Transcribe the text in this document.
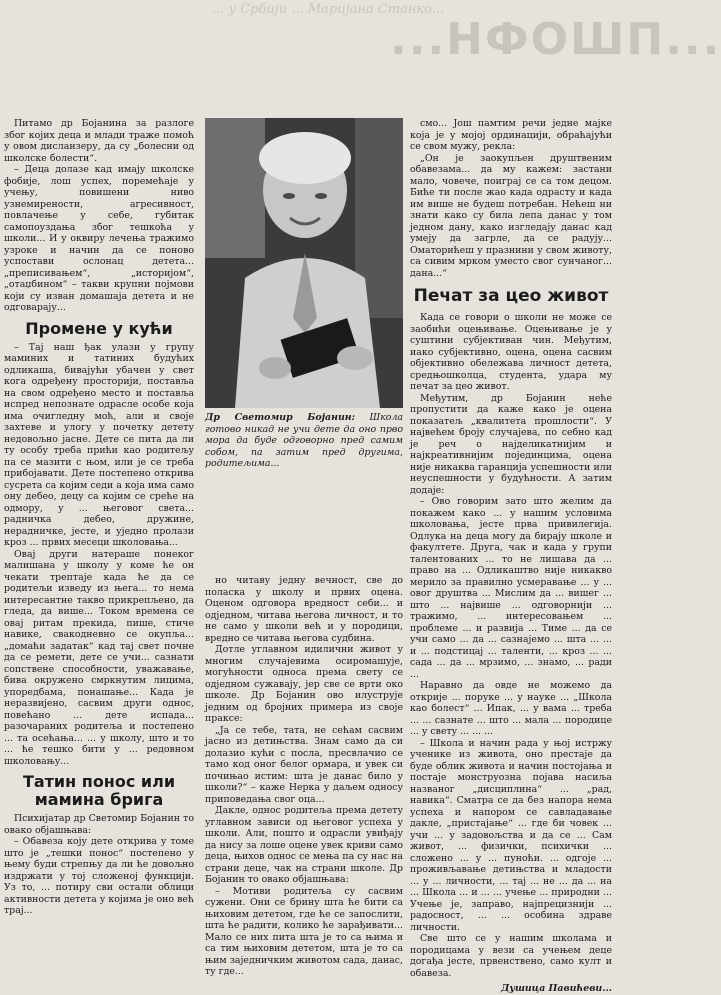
... у Србији ... Маријана Станко...
...НФОШП...

Питамо др Бојанина за разлоге због којих деца и млади траже помоћ у овом дисланзеру, да су „болесни од школске болести“.

– Деца долазе кад имају школске фобије, лош успех, поремећаје у учењу, повишени ниво узнемирености, агресивност, повлачење у себе, губитак самопоуздања због тешкоћа у школи... И у оквиру лечења тражимо узроке и начин да се поново успостави ослонац детета... „преписивањем“, „историјом“, „отаџбином“ – такви крупни појмови који су изван домашаја детета и не одговарају...

Промене у кући

– Тај наш ђак улази у групу маминих и татиних будућих одликаша, бивајући убачен у свет кога одређену просторији, поставља на свом одређено место и поставља испред непознате одрасле особе која има очигледну моћ, али и своје захтеве и улогу у почетку детету недовољно јасне. Дете се пита да ли ту особу треба прићи као родитељу па се мазити с њом, или је се треба прибојавати. Дете постепено открива сусрета са којим седи а која има само ону дебео, децу са којим се среће на одмору, у ... његовог света... радничка дебео, дружине, нерадничке, јесте, и уједно пролази кроз ... првих месеци школовања...

Овај други натераше понеког малишана у школу у коме ће он чекати трептаје када ће да се родитељи изведу из њега... то нема интересантне такво прикрепљено, да гледа, да више... Током времена се овај ритам прекида, пише, стиче навике, свакодневно се окупља... „домаћи задатак“ кад тај свет почне да се ремети, дете се учи... сазнати сопствене способности, уважавање, бива окружено смркнутим лицима, упоредбама, понашање... Када је неразвијено, сасвим други однос, повећано ... дете испада... разочараних родитеља и постепено ... та осећања... ... у школу, што и то ... ће тешко бити у ... редовном школовању...

Татин понос или мамина брига

Психијатар др Светомир Бојанин то овако објашњава:

– Обавеза коју дете открива у томе што је „тешки понос“ постепено у њему буди стрепњу да ли ће довољно издржати у тој сложеној функцији. Уз то, ... потиру сви остали облици активности детета у којима је оно већ трај...

Др Светомир Бојанин: Школа готово никад не учи дете да оно прво мора да буде одговорно пред самим собом, па затим пред другима, родитељима...

но читаву једну вечност, све до поласка у школу и првих оцена. Оценом одговора вредност себи... и одједном, читава његова личност, и то не само у школи већ и у породици, вредно се читава његова судбина.

Дотле углавном идилични живот у многим случајевима осиромашује, могућности односа према свету се одједном сужавају, јер све се врти око школе. Др Бојанин ово илуструје једним од бројних примера из своје праксе:

„Ја се тебе, тата, не сећам сасвим јасно из детињства. Знам само да си долазио кући с посла, пресвлачио се тамо код оног белог ормара, и увек си почињао истим: шта је данас било у школи?“ – каже Нерка у даљем односу приповедања свог оца...

Дакле, однос родитеља према детету углавном зависи од његовог успеха у школи. Али, пошто и одрасли увиђају да нису за лоше оцене увек криви само деца, њихов однос се мења па су нас на страни деце, чак на страни школе. Др Бојанин то овако објашњава:

– Мотиви родитеља су сасвим сужени. Они се брину шта ће бити са њиховим дететом, где ће се запослити, шта ће радити, колико ће зарађивати... Мало се них пита шта је то са њима и са тим њиховим дететом, шта је то са њим заједничким животом сада, данас, ту где...

смо... Још памтим речи једне мајке која је у мојој ординацији, обраћајући се свом мужу, рекла:

„Он је заокупљен друштвеним обавезама... да му кажем: застани мало, човече, поиграј се са том децом. Биће ти после жао када одрасту и када им више не будеш потребан. Нећеш ни знати како су била лепа данас у том једном дану, како изгледају данас кад умеју да загрле, да се радују... Оматорићеш у празнини у свом животу, са сивим мрком уместо свог сунчаног... данa...“

Печат за цео живот

Када се говори о школи не може се заобићи оцењивање. Оцењивање је у суштини субјективан чин. Међутим, иако субјективно, оцена, оцена сасвим објективно обележава личност детета, средњошколца, студента, удара му печат за цео живот.

Међутим, др Бојанин неће пропустити да каже како је оцена показатељ „квалитета прошлости“. У највећем броју случајева, по себно кад је реч о најделикатнијим и најкреативнијим појединцима, оцена није никаква гаранција успешности или неуспешности у будућности. А затим додаје:

– Ово говорим зато што желим да покажем како ... у нашим условима школовања, јесте прва привилегија. Одлука на деца могу да бирају школе и факултете. Друга, чак и када у групи талентованих ... то не лишава да ... право на ... Одликаштво није никакво мерило за правилно усмеравање ... у ... овог друштва ... Мислим да ... вишег ... што ... највише ... одговорнији ... тражимо, ... интересовањем ... проблеме ... и развија ... Тиме ... да се учи само ... да ... сазнајемо ... шта ... ... и ... подстицај ... таленти, ... кроз ... ... сада ... да ... мрзимо, ... знамо, ... ради ...

Наравно да овде не можемо да открије ... поруке ... у науке ... „Школа као болест“ ... Ипак, ... у вама ... треба ... ... сазнате ... што ... мала ... породице ... у свету ... ... ...

– Школа и начин рада у њој истржу ученике из живота, оно престаје да буде облик живота и начин постојања и постаје монструозна појава насиља названог „дисциплина“ ... „рад, навика“. Сматра се да без напора нема успеха и напором се савладавање дакле, „пристајање“ ... где би човек ... учи ... у задовољства и да се ... Сам живот, ... физички, психички ... сложено ... у ... пуноћи. ... одгоје ... проживљавање детињства и младости ... у ... личности, ... тај ... не ... да ... на ... Школа ... и ... ... учење ... природни ... Учење је, заправо, најпрецизнији ... радосност, ... ... особина здраве личности.

Све што се у нашим школама и породицама у вези са учењем деце догађа јесте, првенствено, само култ и обавеза.

Душица Павићеви...
